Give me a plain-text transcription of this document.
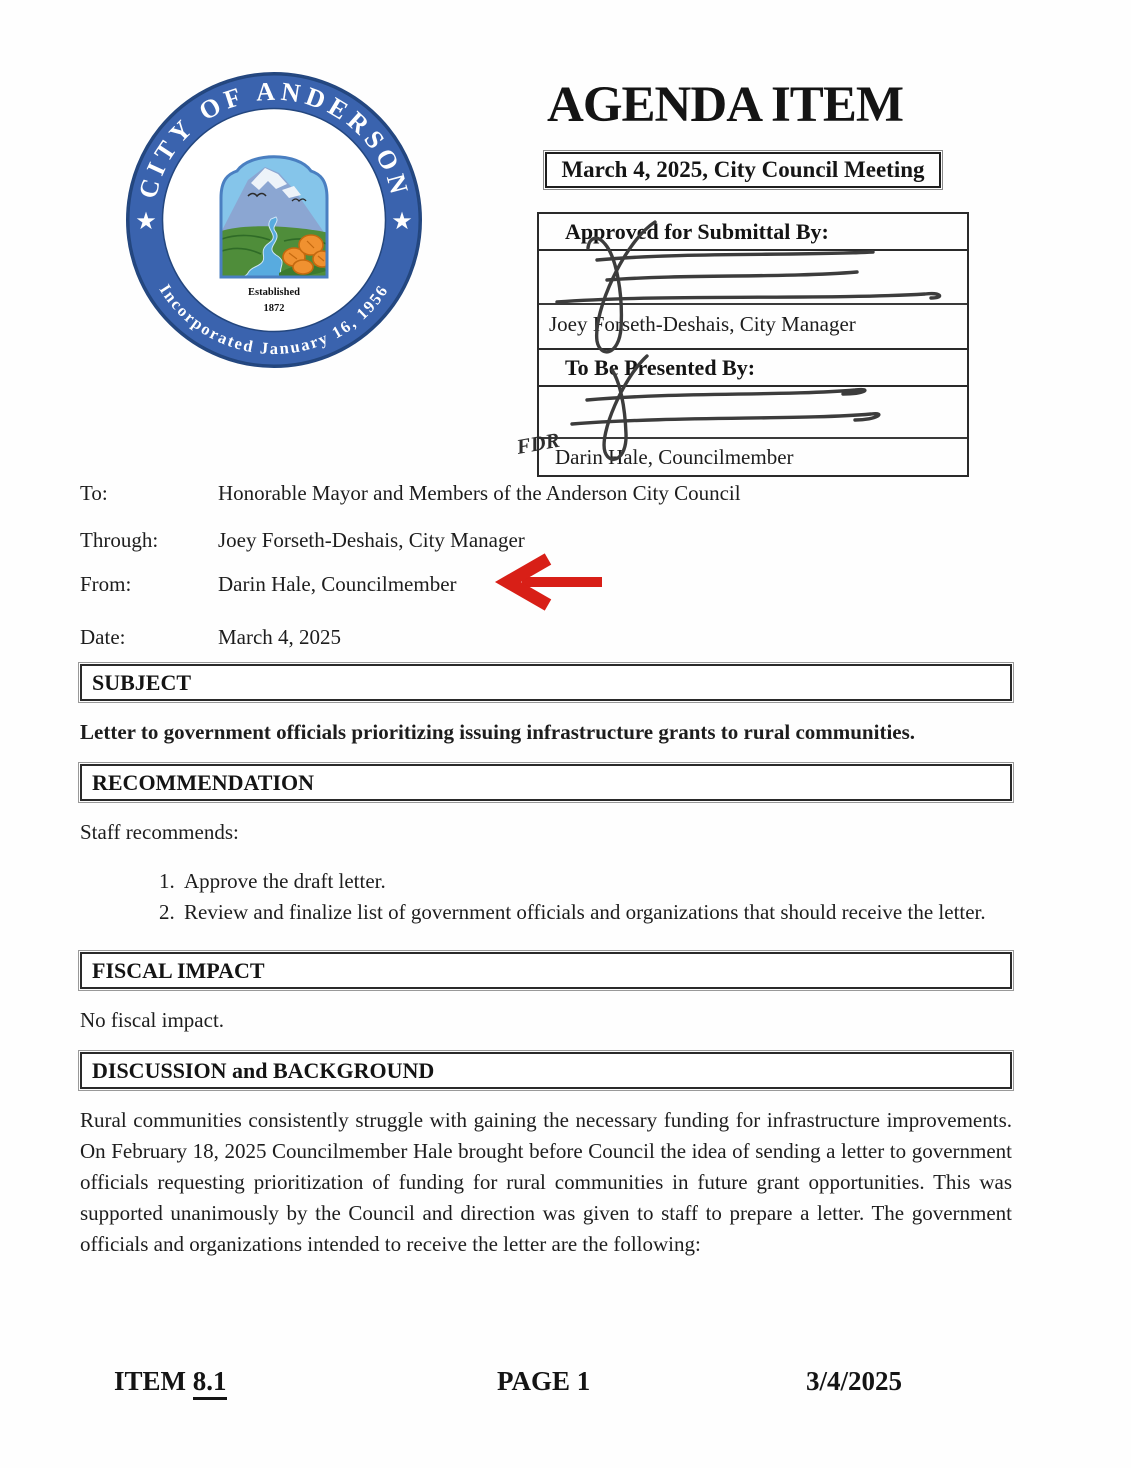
CITY OF ANDERSON
Incorporated January 16, 1956
★	★
Established
1872
AGENDA ITEM
March 4, 2025, City Council Meeting
Approved for Submittal By:
Joey Forseth-Deshais, City Manager
To Be Presented By:
Darin Hale, Councilmember
FDR
To:	Honorable Mayor and Members of the Anderson City Council
Through:	Joey Forseth-Deshais, City Manager
From:	Darin Hale, Councilmember
Date:	March 4, 2025
SUBJECT
Letter to government officials prioritizing issuing infrastructure grants to rural communities.
RECOMMENDATION
Staff recommends:
1. Approve the draft letter.
2. Review and finalize list of government officials and organizations that should receive the letter.
FISCAL IMPACT
No fiscal impact.
DISCUSSION and BACKGROUND
Rural communities consistently struggle with gaining the necessary funding for infrastructure improvements. On February 18, 2025 Councilmember Hale brought before Council the idea of sending a letter to government officials requesting prioritization of funding for rural communities in future grant opportunities. This was supported unanimously by the Council and direction was given to staff to prepare a letter. The government officials and organizations intended to receive the letter are the following:
ITEM 8.1	PAGE 1	3/4/2025
